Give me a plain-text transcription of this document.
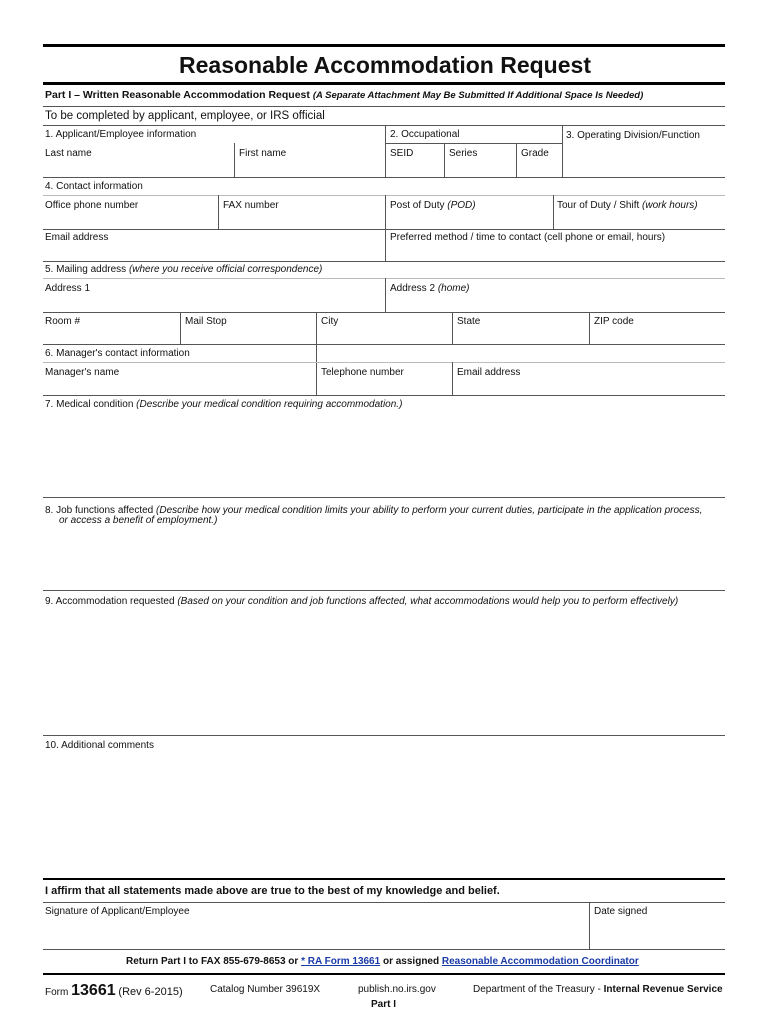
Reasonable Accommodation Request
Part I – Written Reasonable Accommodation Request (A Separate Attachment May Be Submitted If Additional Space Is Needed)
To be completed by applicant, employee, or IRS official
1. Applicant/Employee information	2. Occupational	3. Operating Division/Function
Last name	First name	SEID	Series	Grade
4. Contact information
Office phone number	FAX number	Post of Duty (POD)	Tour of Duty / Shift (work hours)
Email address	Preferred method / time to contact (cell phone or email, hours)
5. Mailing address (where you receive official correspondence)
Address 1	Address 2 (home)
Room #	Mail Stop	City	State	ZIP code
6. Manager's contact information
Manager's name	Telephone number	Email address
7. Medical condition (Describe your medical condition requiring accommodation.)
8. Job functions affected (Describe how your medical condition limits your ability to perform your current duties, participate in the application process,
or access a benefit of employment.)
9. Accommodation requested (Based on your condition and job functions affected, what accommodations would help you to perform effectively)
10. Additional comments
I affirm that all statements made above are true to the best of my knowledge and belief.
Signature of Applicant/Employee	Date signed
Return Part I to FAX 855-679-8653 or * RA Form 13661 or assigned Reasonable Accommodation Coordinator
Form 13661 (Rev 6-2015)	Catalog Number 39619X	publish.no.irs.gov	Department of the Treasury - Internal Revenue Service
Part I
